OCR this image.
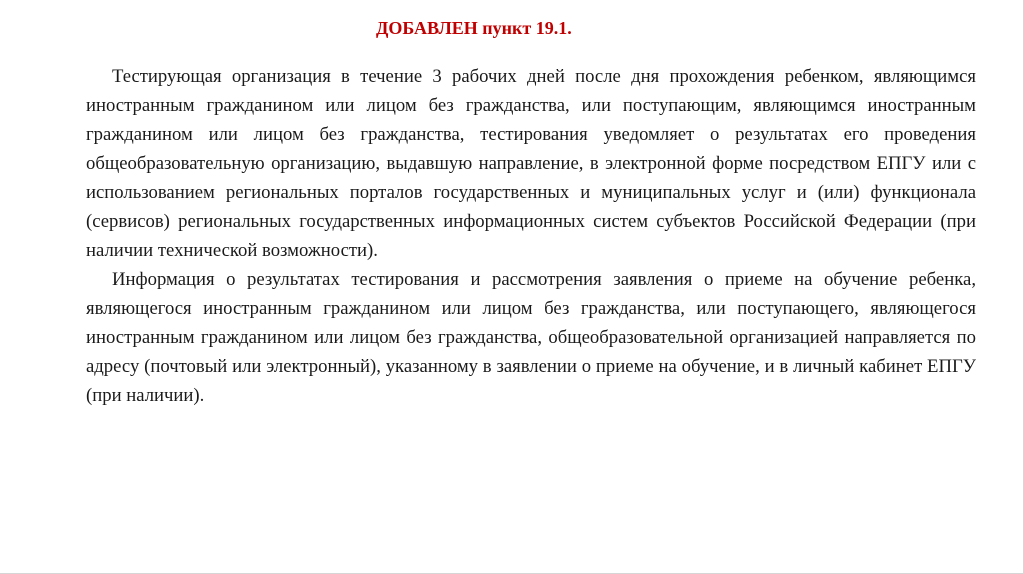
ДОБАВЛЕН пункт 19.1.

Тестирующая организация в течение 3 рабочих дней после дня прохождения ребенком, являющимся иностранным гражданином или лицом без гражданства, или поступающим, являющимся иностранным гражданином или лицом без гражданства, тестирования уведомляет о результатах его проведения общеобразовательную организацию, выдавшую направление, в электронной форме посредством ЕПГУ или с использованием региональных порталов государственных и муниципальных услуг и (или) функционала (сервисов) региональных государственных информационных систем субъектов Российской Федерации (при наличии технической возможности).

Информация о результатах тестирования и рассмотрения заявления о приеме на обучение ребенка, являющегося иностранным гражданином или лицом без гражданства, или поступающего, являющегося иностранным гражданином или лицом без гражданства, общеобразовательной организацией направляется по адресу (почтовый или электронный), указанному в заявлении о приеме на обучение, и в личный кабинет ЕПГУ (при наличии).
